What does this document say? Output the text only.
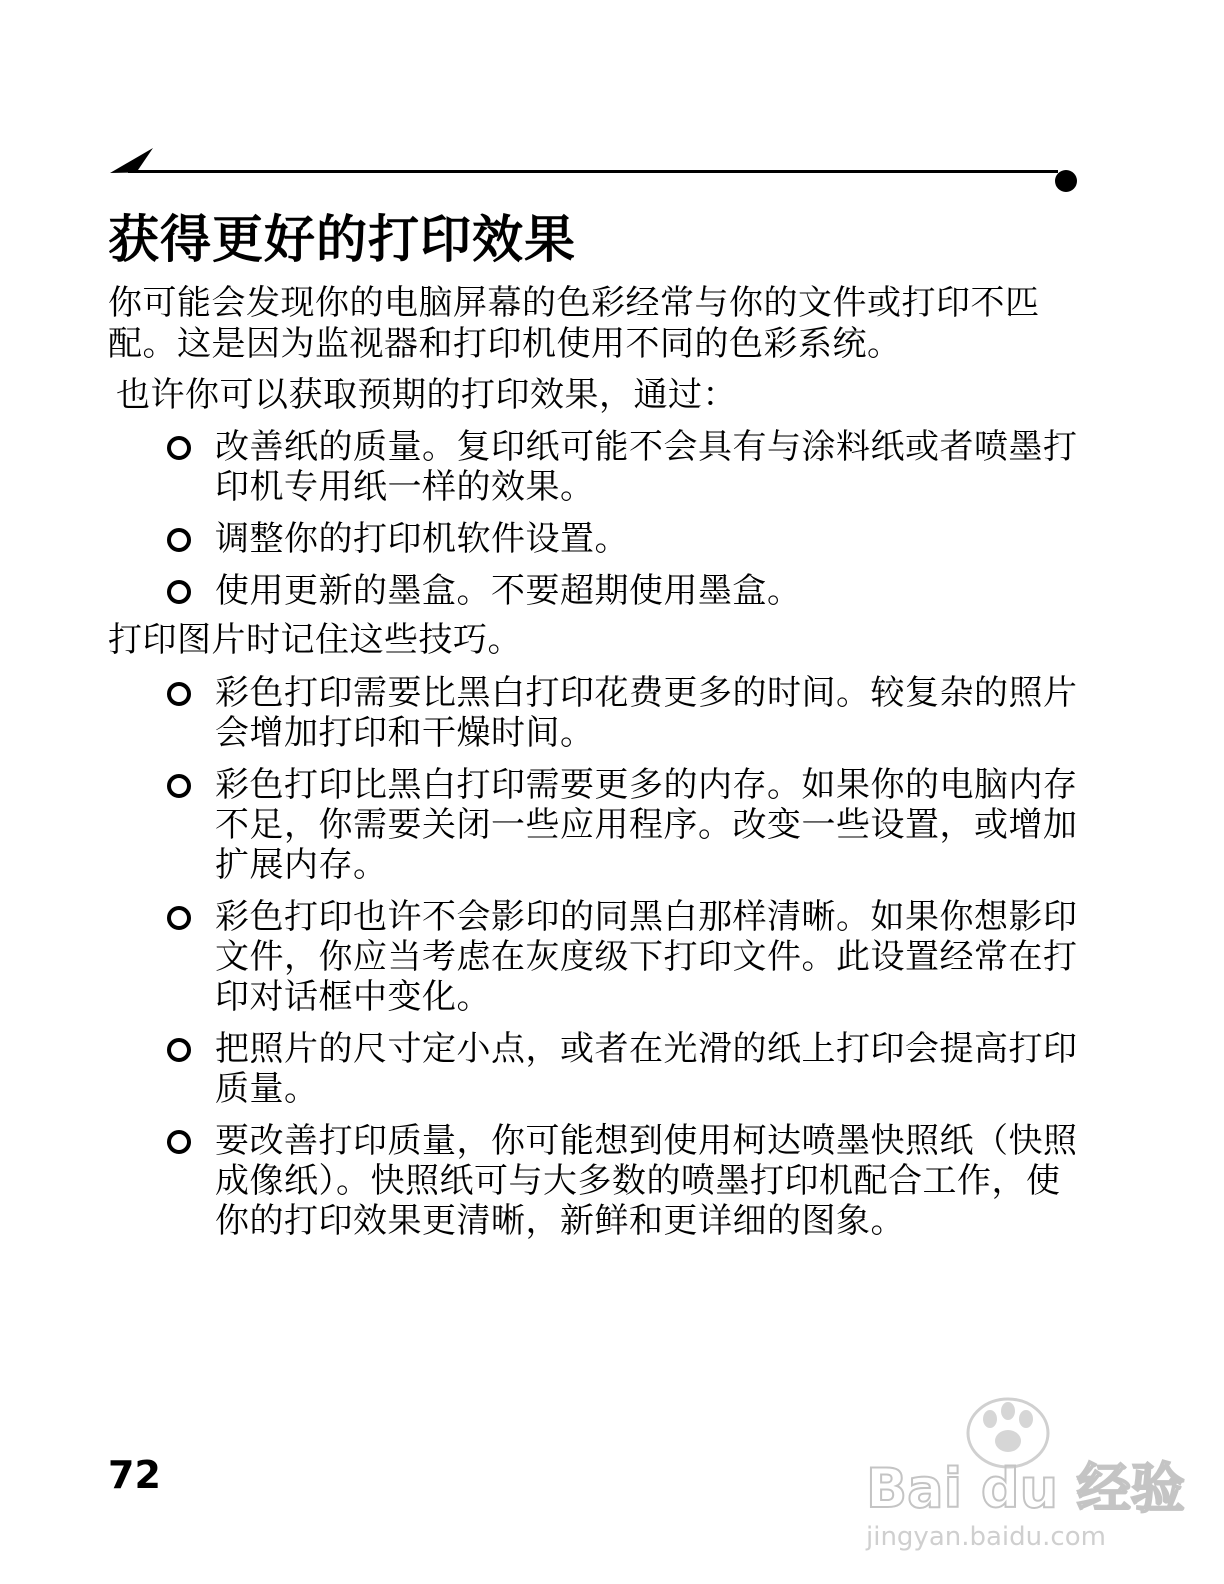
获得更好的打印效果
你可能会发现你的电脑屏幕的色彩经常与你的文件或打印不匹配。这是因为监视器和打印机使用不同的色彩系统。
也许你可以获取预期的打印效果，通过：
改善纸的质量。复印纸可能不会具有与涂料纸或者喷墨打印机专用纸一样的效果。
调整你的打印机软件设置。
使用更新的墨盒。不要超期使用墨盒。
打印图片时记住这些技巧。
彩色打印需要比黑白打印花费更多的时间。较复杂的照片会增加打印和干燥时间。
彩色打印比黑白打印需要更多的内存。如果你的电脑内存不足，你需要关闭一些应用程序。改变一些设置，或增加扩展内存。
彩色打印也许不会影印的同黑白那样清晰。如果你想影印文件，你应当考虑在灰度级下打印文件。此设置经常在打印对话框中变化。
把照片的尺寸定小点，或者在光滑的纸上打印会提高打印质量。
要改善打印质量，你可能想到使用柯达喷墨快照纸（快照成像纸）。快照纸可与大多数的喷墨打印机配合工作，使你的打印效果更清晰，新鲜和更详细的图象。
72	Bai du 经验
jingyan.baidu.com
